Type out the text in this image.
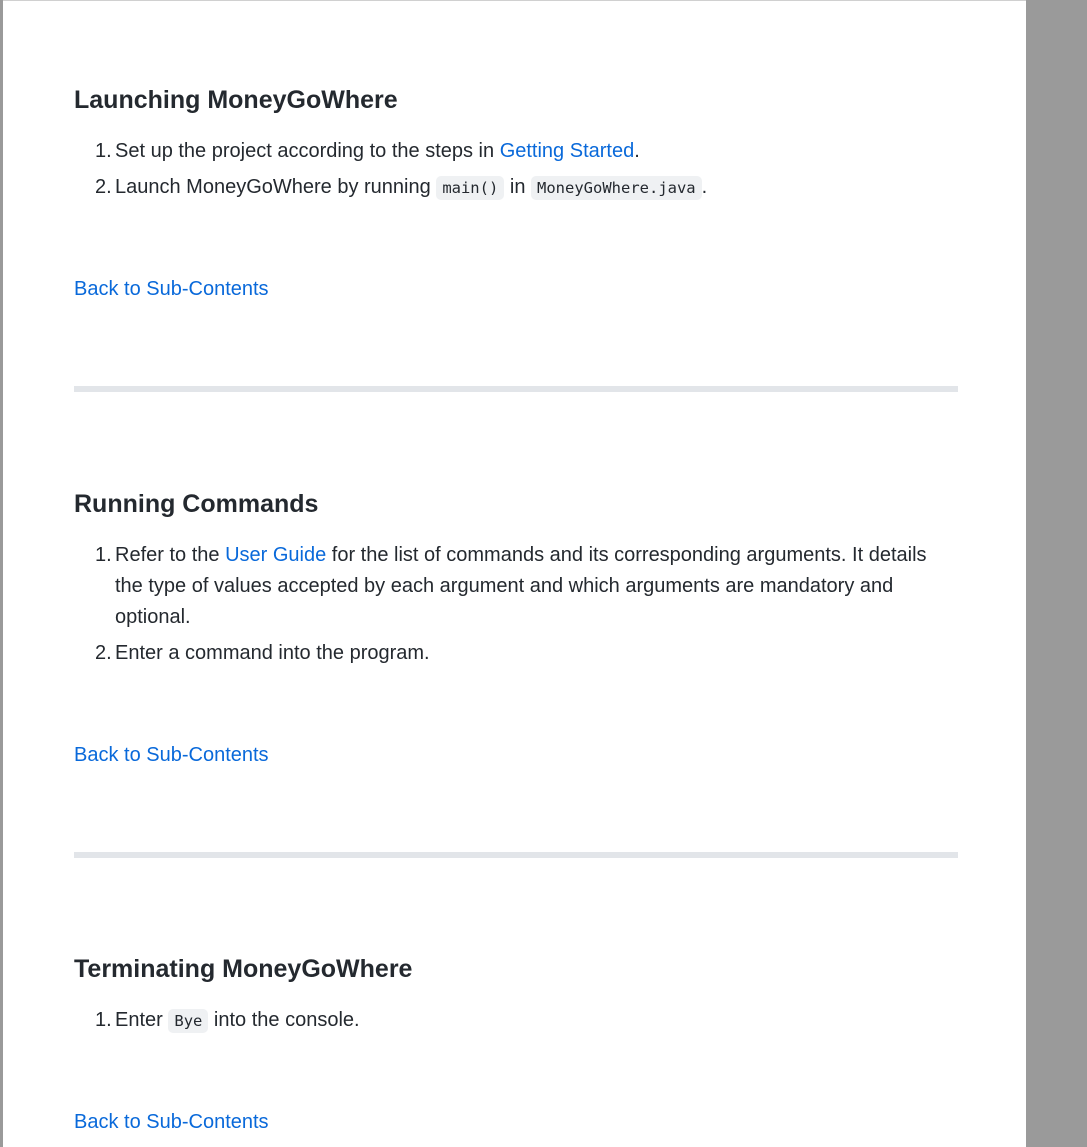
Launching MoneyGoWhere
1. Set up the project according to the steps in Getting Started.
2. Launch MoneyGoWhere by running main() in MoneyGoWhere.java .
Back to Sub-Contents
Running Commands
1. Refer to the User Guide for the list of commands and its corresponding arguments. It details the type of values accepted by each argument and which arguments are mandatory and optional.
2. Enter a command into the program.
Back to Sub-Contents
Terminating MoneyGoWhere
1. Enter Bye into the console.
Back to Sub-Contents
